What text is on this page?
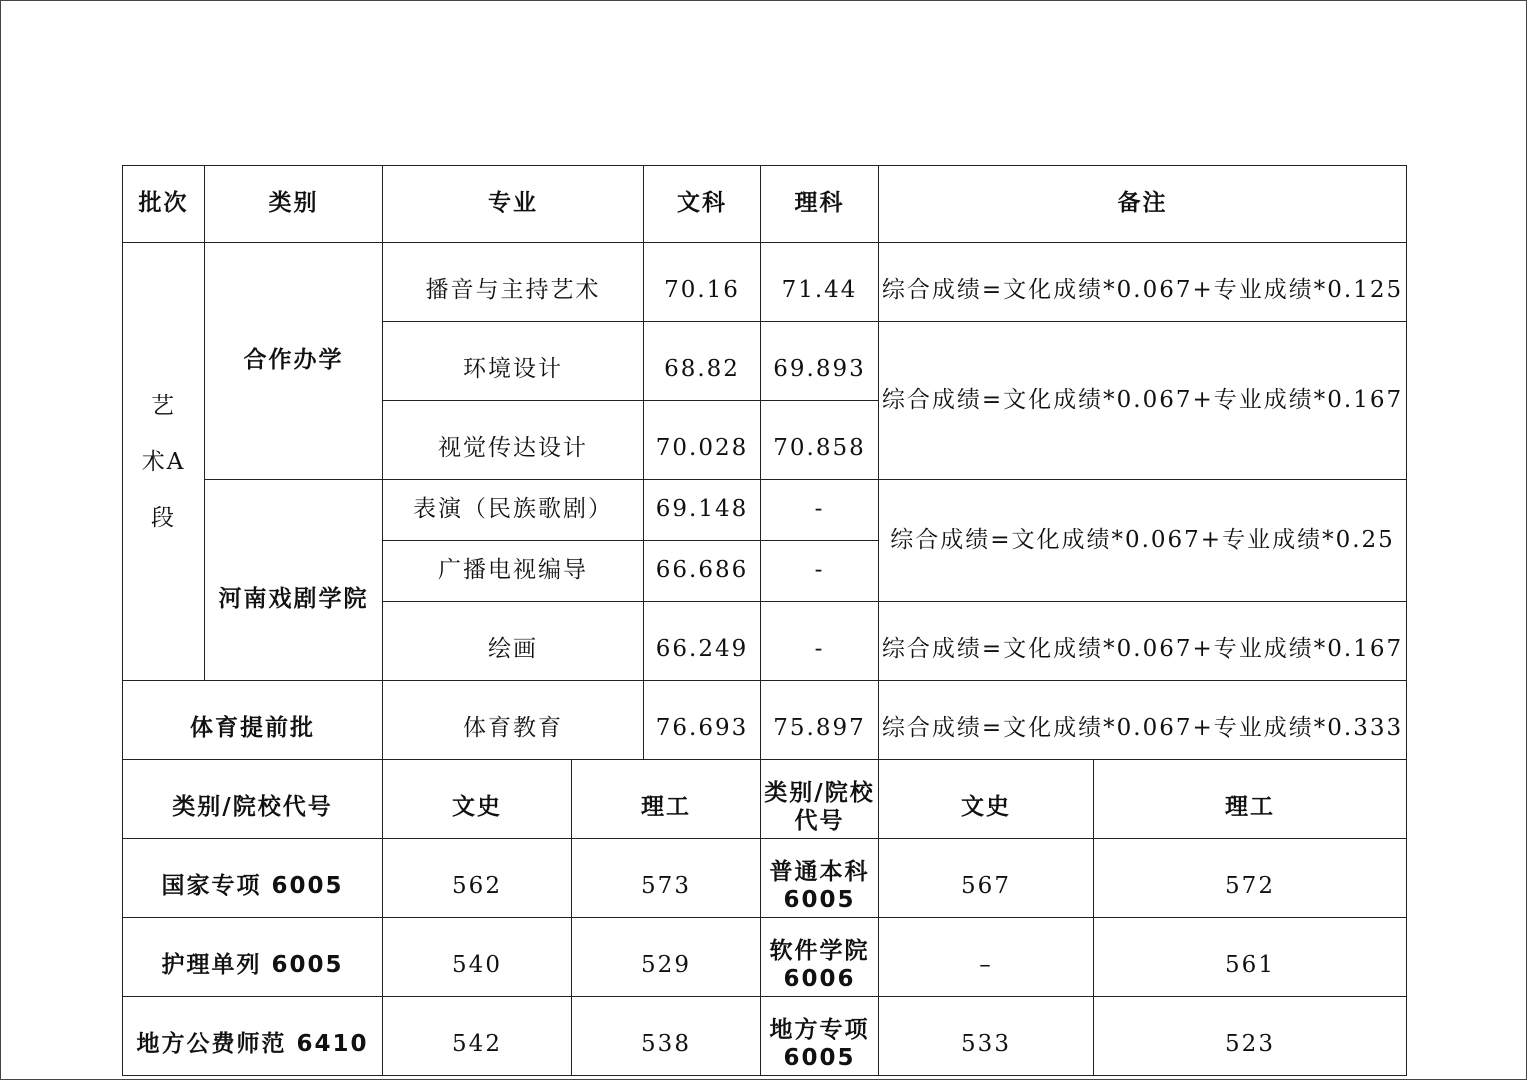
批次	类别	专业		文科	理科	备注	

艺
术A
段	合作办学	播音与主持艺术		70.16	71.44	综合成绩=文化成绩*0.067+专业成绩*0.125	
		环境设计		68.82	69.893	综合成绩=文化成绩*0.067+专业成绩*0.167	
		视觉传达设计		70.028	70.858		
	河南戏剧学院	表演（民族歌剧）		69.148	-	综合成绩=文化成绩*0.067+专业成绩*0.25	
		广播电视编导		66.686	-		
		绘画		66.249	-	综合成绩=文化成绩*0.067+专业成绩*0.167	
体育提前批		体育教育		76.693	75.897	综合成绩=文化成绩*0.067+专业成绩*0.333	
类别/院校代号		文史	理工		类别/院校代号	文史	理工
国家专项 6005		562	573		普通本科 6005	567	572
护理单列 6005		540	529		软件学院 6006	–	561
地方公费师范 6410		542	538		地方专项 6005	533	523
